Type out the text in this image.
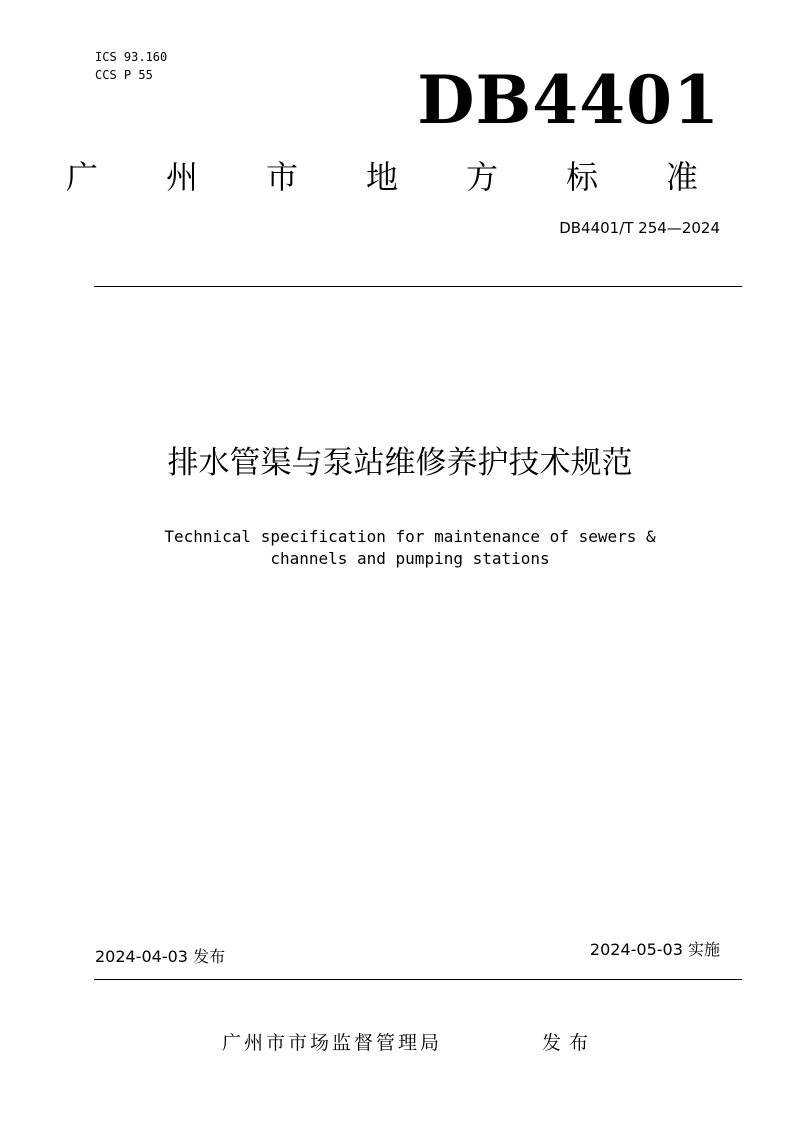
ICS 93.160
CCS P 55	DB4401
广 州 市 地 方 标 准
DB4401/T 254—2024
排水管渠与泵站维修养护技术规范
Technical specification for maintenance of sewers &
channels and pumping stations
2024-04-03 发布	2024-05-03 实施
广州市市场监督管理局	发布
